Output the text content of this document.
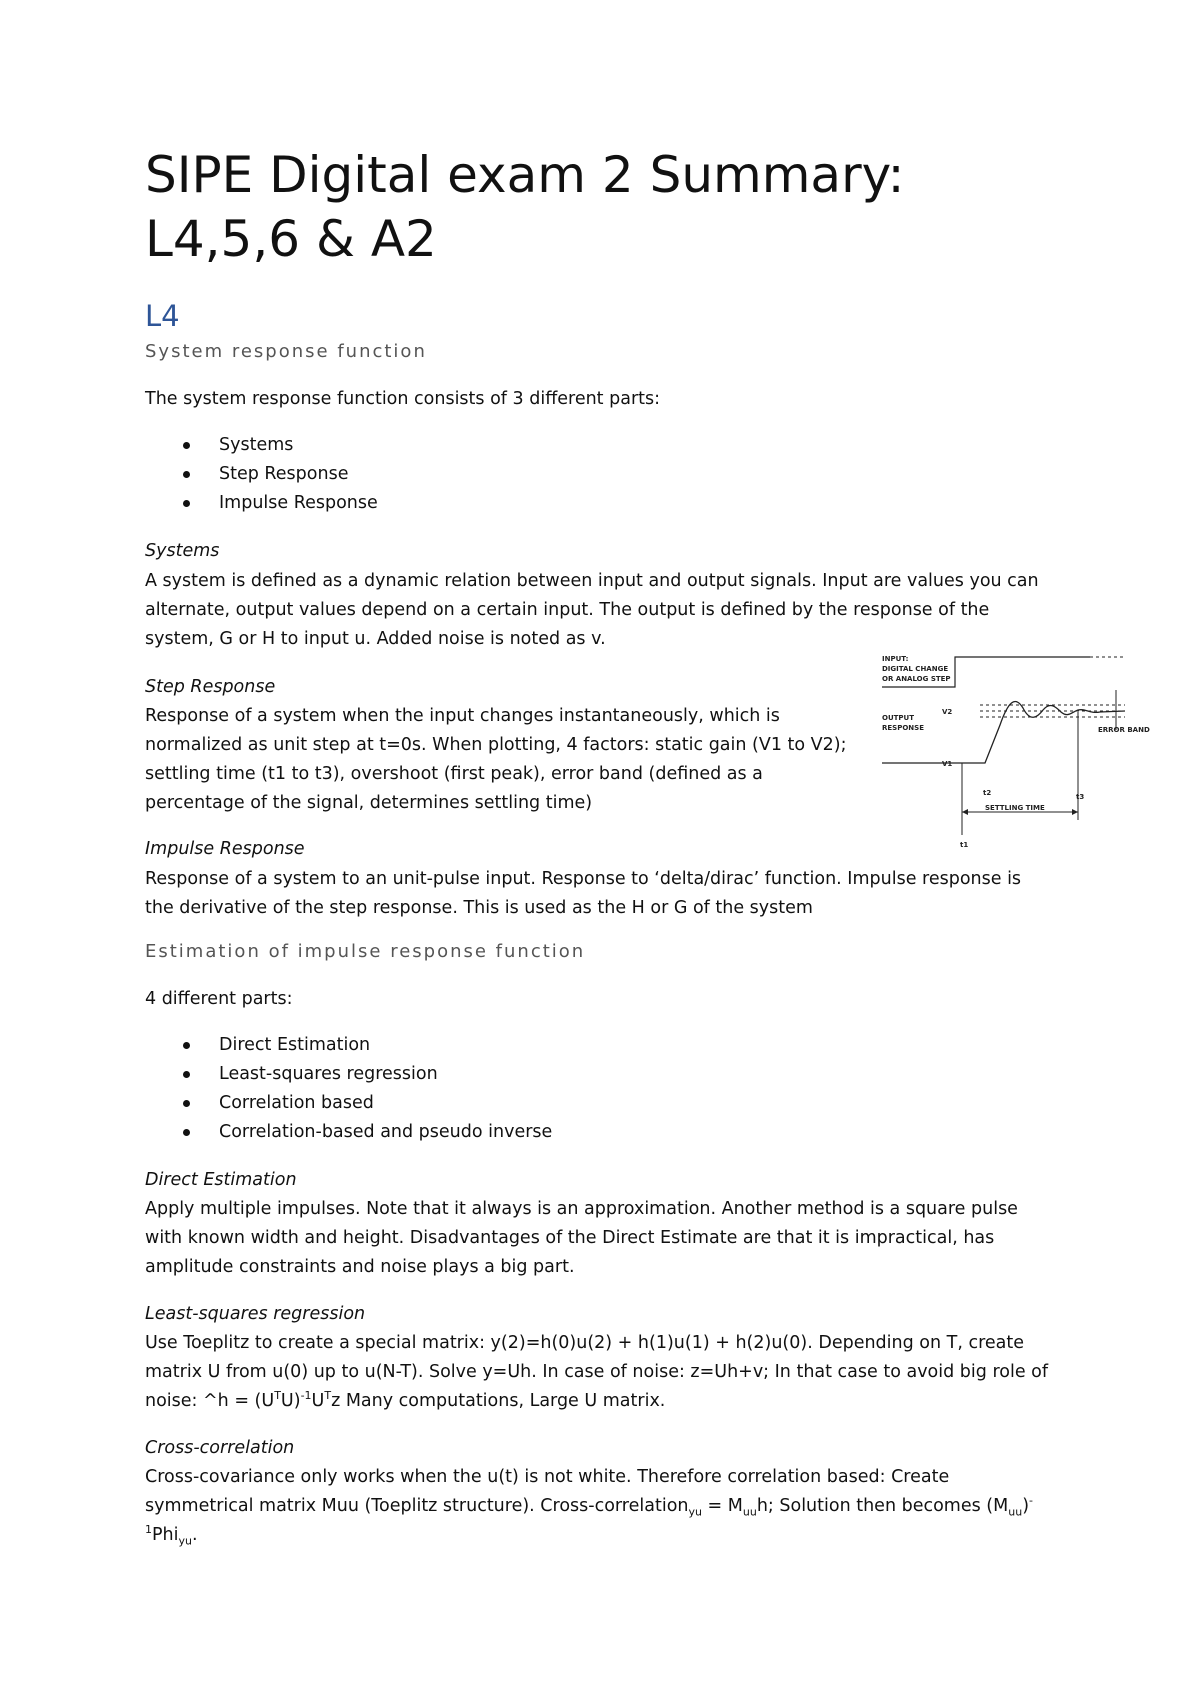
SIPE Digital exam 2 Summary: L4,5,6 & A2
L4
System response function

The system response function consists of 3 different parts:

Systems
Step Response
Impulse Response

Systems

A system is defined as a dynamic relation between input and output signals. Input are values you can

alternate, output values depend on a certain input. The output is defined by the response of the

system, G or H to input u. Added noise is noted as v.

Step Response

Response of a system when the input changes instantaneously, which is

normalized as unit step at t=0s. When plotting, 4 factors: static gain (V1 to V2);

settling time (t1 to t3), overshoot (first peak), error band (defined as a

percentage of the signal, determines settling time)

Impulse Response

Response of a system to an unit-pulse input. Response to ‘delta/dirac’ function. Impulse response is

the derivative of the step response. This is used as the H or G of the system

Estimation of impulse response function

4 different parts:

Direct Estimation
Least-squares regression
Correlation based
Correlation-based and pseudo inverse

Direct Estimation

Apply multiple impulses. Note that it always is an approximation. Another method is a square pulse

with known width and height. Disadvantages of the Direct Estimate are that it is impractical, has

amplitude constraints and noise plays a big part.

Least-squares regression

Use Toeplitz to create a special matrix: y(2)=h(0)u(2) + h(1)u(1) + h(2)u(0). Depending on T, create

matrix U from u(0) up to u(N-T). Solve y=Uh. In case of noise: z=Uh+v; In that case to avoid big role of

noise: ^h = $(U^TU)^{-1}U^Tz$ Many computations, Large U matrix.

Cross-correlation

Cross-covariance only works when the u(t) is not white. Therefore correlation based: Create

symmetrical matrix Muu (Toeplitz structure). Cross-correlation$_{yu}$ = $M_{uu}h$; Solution then becomes $(M_{uu})^-$

$^1$Phi$_{yu}$.

INPUT:
DIGITAL CHANGE
OR ANALOG STEP
OUTPUT
RESPONSE
V2
V1
ERROR BAND
t2	t3
SETTLING TIME
t1
